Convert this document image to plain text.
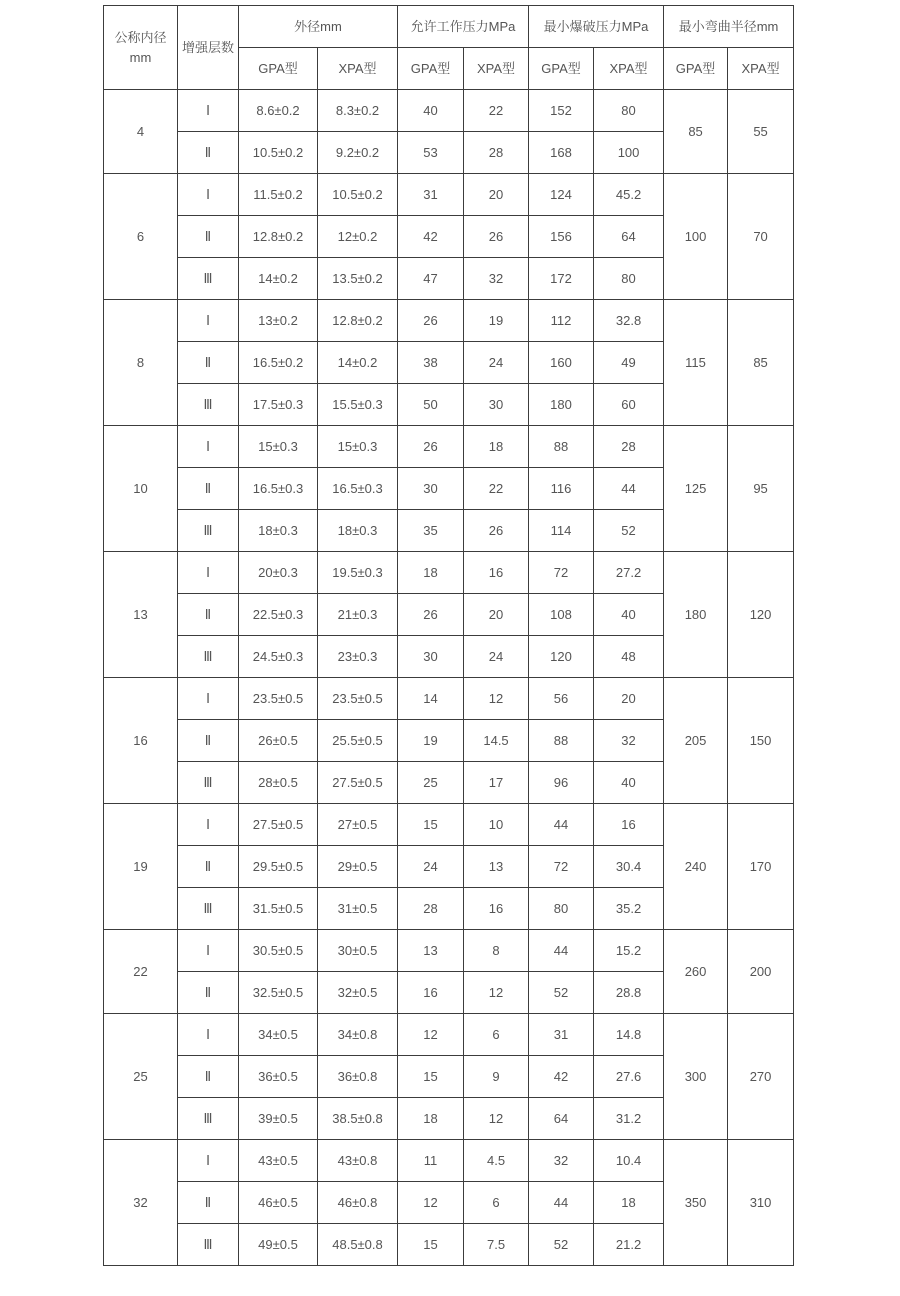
公称内径
mm	增强层数	外径mm		允许工作压力MPa		最小爆破压力MPa		最小弯曲半径mm	
		GPA型	XPA型	GPA型	XPA型	GPA型	XPA型	GPA型	XPA型
4	Ⅰ	8.6±0.2	8.3±0.2	40	22	152	80	85	55
	Ⅱ	10.5±0.2	9.2±0.2	53	28	168	100		
6	Ⅰ	11.5±0.2	10.5±0.2	31	20	124	45.2	100	70
	Ⅱ	12.8±0.2	12±0.2	42	26	156	64		
	Ⅲ	14±0.2	13.5±0.2	47	32	172	80		
8	Ⅰ	13±0.2	12.8±0.2	26	19	112	32.8	115	85
	Ⅱ	16.5±0.2	14±0.2	38	24	160	49		
	Ⅲ	17.5±0.3	15.5±0.3	50	30	180	60		
10	Ⅰ	15±0.3	15±0.3	26	18	88	28	125	95
	Ⅱ	16.5±0.3	16.5±0.3	30	22	116	44		
	Ⅲ	18±0.3	18±0.3	35	26	114	52		
13	Ⅰ	20±0.3	19.5±0.3	18	16	72	27.2	180	120
	Ⅱ	22.5±0.3	21±0.3	26	20	108	40		
	Ⅲ	24.5±0.3	23±0.3	30	24	120	48		
16	Ⅰ	23.5±0.5	23.5±0.5	14	12	56	20	205	150
	Ⅱ	26±0.5	25.5±0.5	19	14.5	88	32		
	Ⅲ	28±0.5	27.5±0.5	25	17	96	40		
19	Ⅰ	27.5±0.5	27±0.5	15	10	44	16	240	170
	Ⅱ	29.5±0.5	29±0.5	24	13	72	30.4		
	Ⅲ	31.5±0.5	31±0.5	28	16	80	35.2		
22	Ⅰ	30.5±0.5	30±0.5	13	8	44	15.2	260	200
	Ⅱ	32.5±0.5	32±0.5	16	12	52	28.8		
25	Ⅰ	34±0.5	34±0.8	12	6	31	14.8	300	270
	Ⅱ	36±0.5	36±0.8	15	9	42	27.6		
	Ⅲ	39±0.5	38.5±0.8	18	12	64	31.2		
32	Ⅰ	43±0.5	43±0.8	11	4.5	32	10.4	350	310
	Ⅱ	46±0.5	46±0.8	12	6	44	18		
	Ⅲ	49±0.5	48.5±0.8	15	7.5	52	21.2		
